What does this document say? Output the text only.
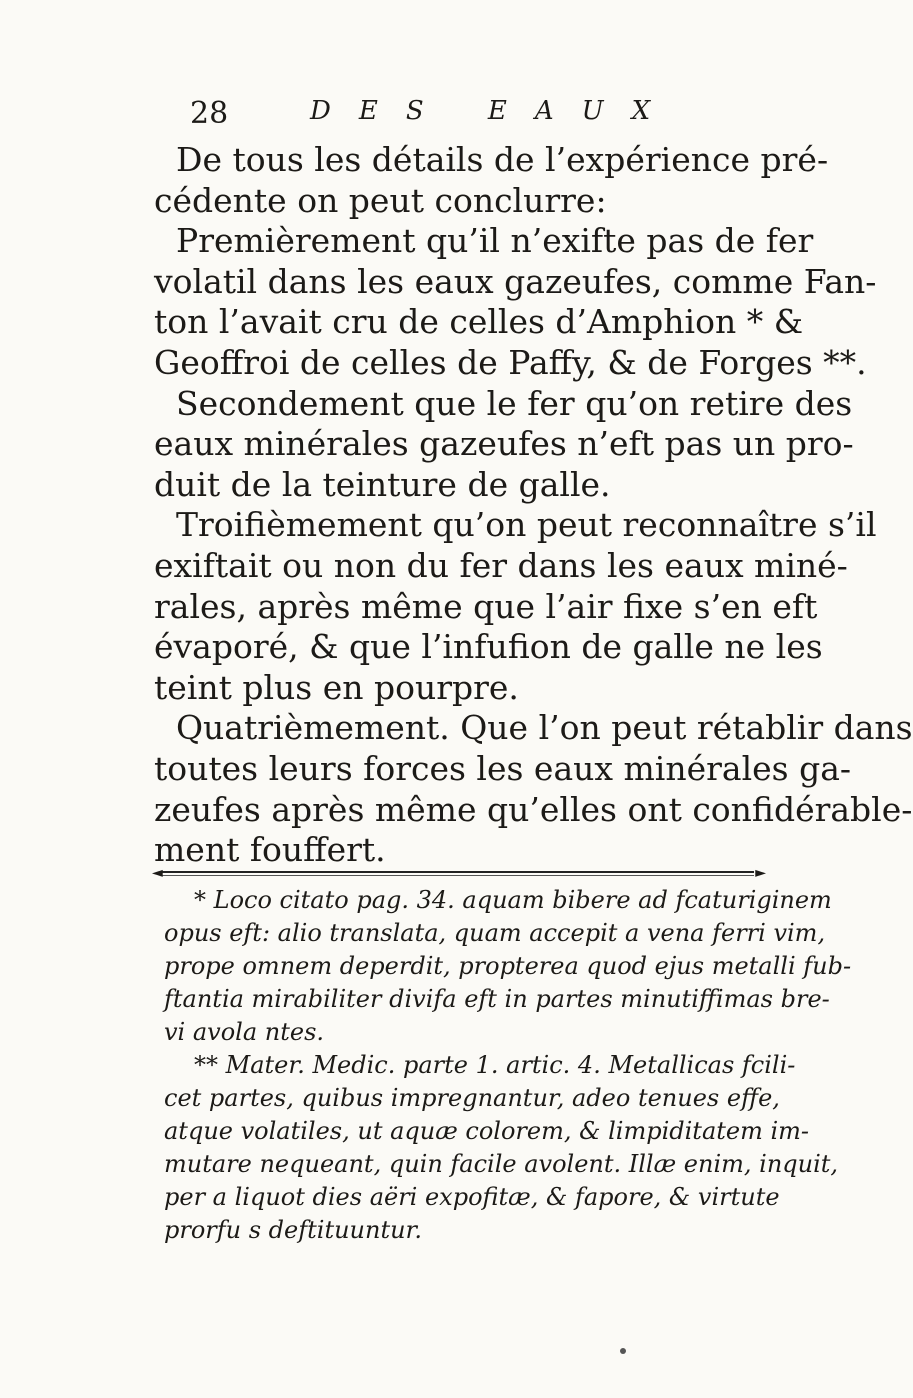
28	DES EAUX
De tous les détails de l’expérience pré-
cédente on peut conclurre:
Premièrement qu’il n’exifte pas de fer
volatil dans les eaux gazeufes, comme Fan-
ton l’avait cru de celles d’Amphion * &
Geoffroi de celles de Paffy, & de Forges **.
Secondement que le fer qu’on retire des
eaux minérales gazeufes n’eft pas un pro-
duit de la teinture de galle.
Troifièmement qu’on peut reconnaître s’il
exiftait ou non du fer dans les eaux miné-
rales, après même que l’air fixe s’en eft
évaporé, & que l’infufion de galle ne les
teint plus en pourpre.
Quatrièmement. Que l’on peut rétablir dans
toutes leurs forces les eaux minérales ga-
zeufes après même qu’elles ont confidérable-
ment fouffert.
◄	►
* Loco citato pag. 34. aquam bibere ad fcaturiginem
opus eft: alio translata, quam accepit a vena ferri vim,
prope omnem deperdit, propterea quod ejus metalli fub-
ftantia mirabiliter divifa eft in partes minutiffimas bre-
vi avola ntes.
** Mater. Medic. parte 1. artic. 4. Metallicas fcili-
cet partes, quibus impregnantur, adeo tenues effe,
atque volatiles, ut aquæ colorem, & limpiditatem im-
mutare nequeant, quin facile avolent. Illæ enim, inquit,
per a liquot dies aëri expofitæ, & fapore, & virtute
prorfu s deftituuntur.
